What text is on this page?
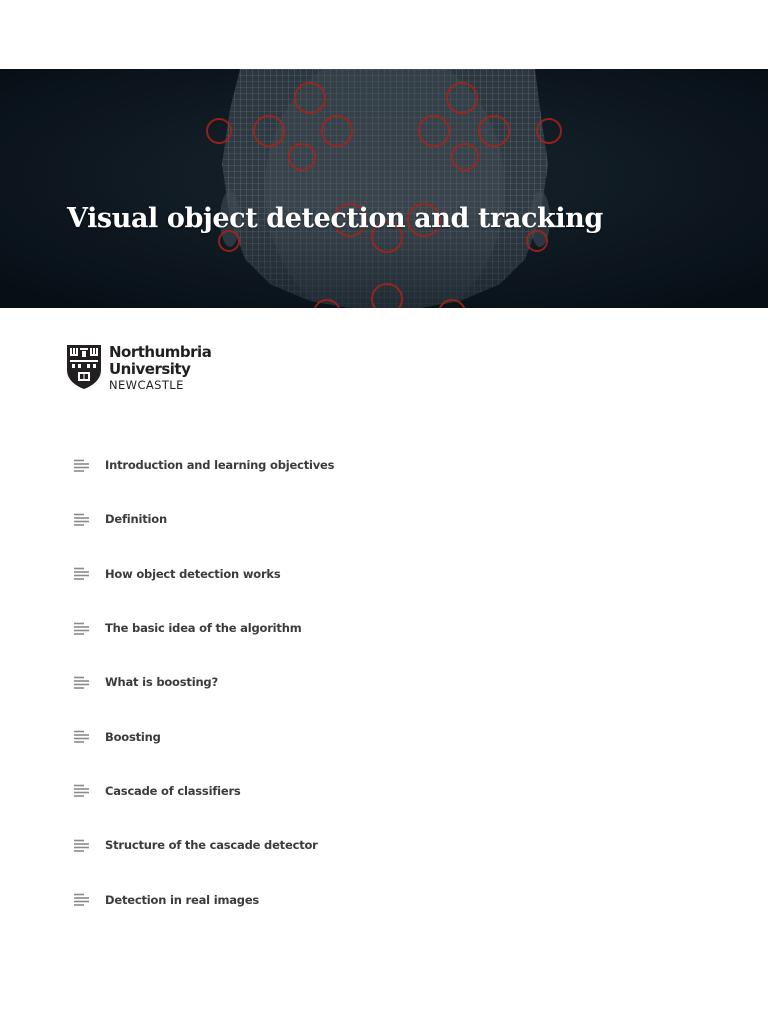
Visual object detection and tracking
Northumbria
University
NEWCASTLE
Introduction and learning objectives
Definition
How object detection works
The basic idea of the algorithm
What is boosting?
Boosting
Cascade of classifiers
Structure of the cascade detector
Detection in real images
